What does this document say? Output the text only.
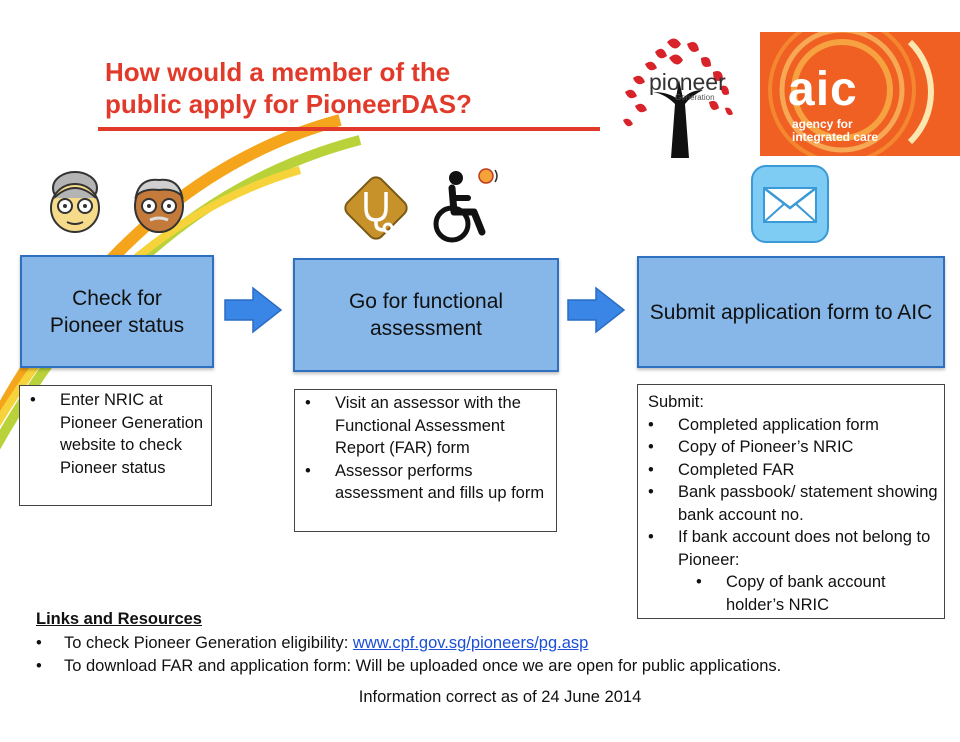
How would a member of the
public apply for PioneerDAS?
pioneer
Generation aic
agency for
integrated care
Check for Pioneer status
Go for functional assessment
Submit application form to AIC
• Enter NRIC at Pioneer Generation website to check Pioneer status
• Visit an assessor with the Functional Assessment Report (FAR) form
• Assessor performs assessment and fills up form
Submit:
• Completed application form
• Copy of Pioneer’s NRIC
• Completed FAR
• Bank passbook/ statement showing bank account no.
• If bank account does not belong to Pioneer:
• Copy of bank account holder’s NRIC
Links and Resources
• To check Pioneer Generation eligibility: www.cpf.gov.sg/pioneers/pg.asp
• To download FAR and application form: Will be uploaded once we are open for public applications.
Information correct as of 24 June 2014
